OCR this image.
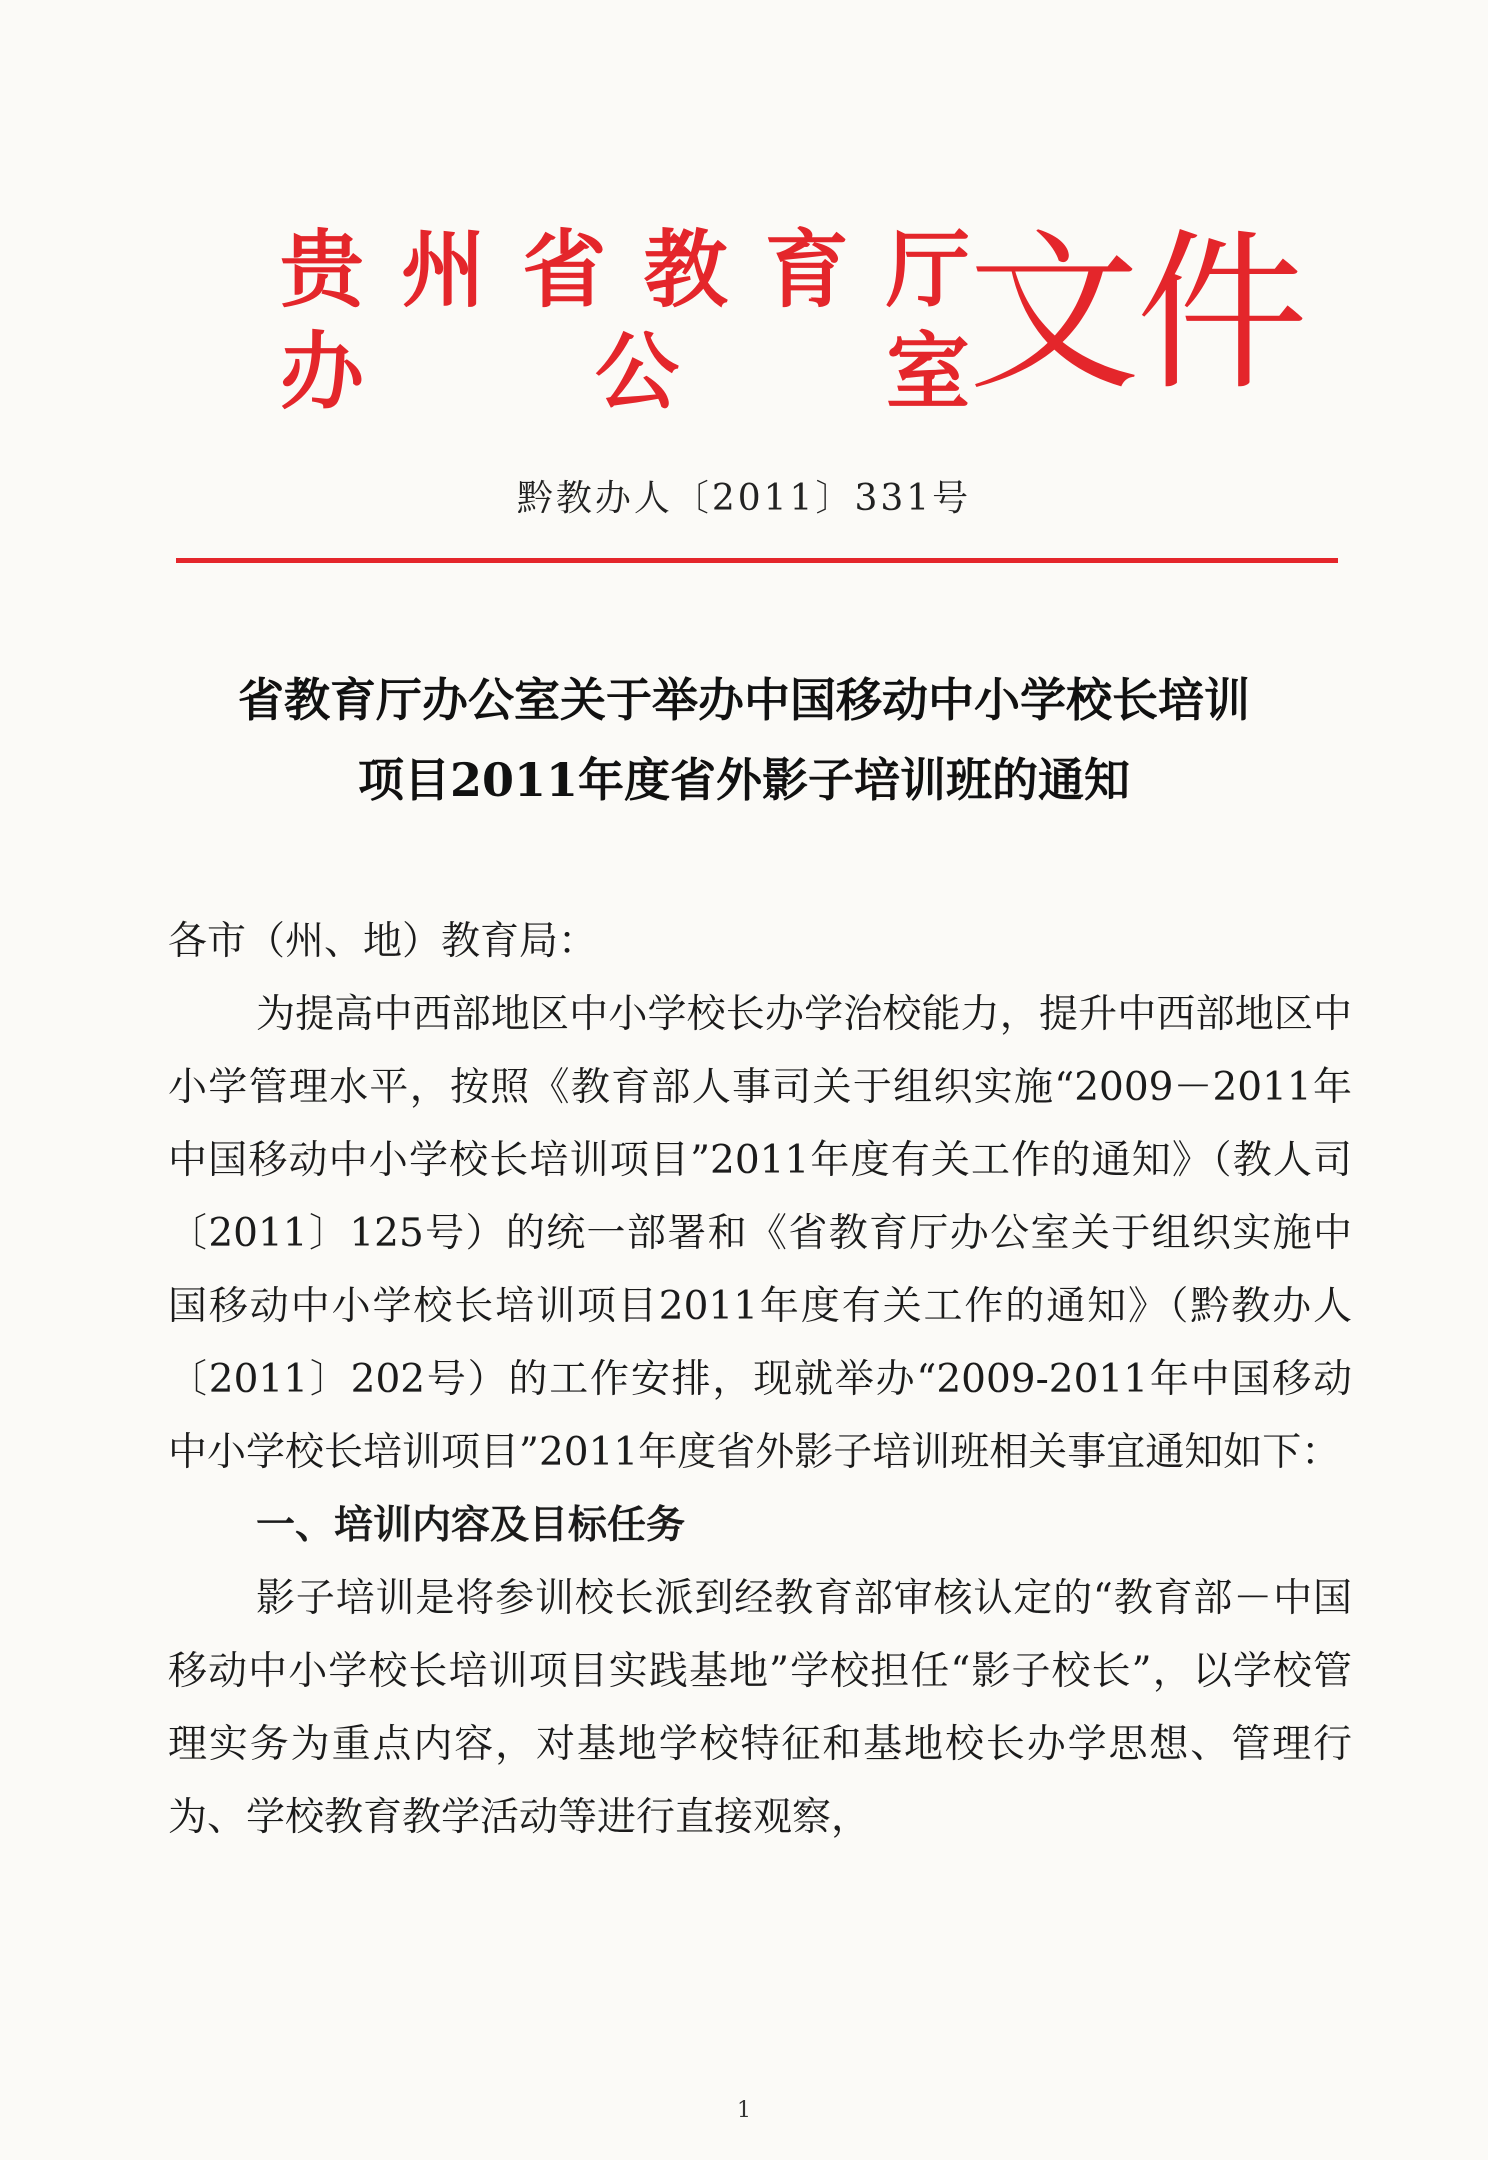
贵 州 省 教 育 厅
办	公 室
文件
黔教办人〔2011〕331号
省教育厅办公室关于举办中国移动中小学校长培训
项目2011年度省外影子培训班的通知

各市（州、地）教育局：

为提高中西部地区中小学校长办学治校能力，提升中西部地区中小学管理水平，按照《教育部人事司关于组织实施“2009－2011年中国移动中小学校长培训项目”2011年度有关工作的通知》（教人司〔2011〕125号）的统一部署和《省教育厅办公室关于组织实施中国移动中小学校长培训项目2011年度有关工作的通知》（黔教办人〔2011〕202号）的工作安排，现就举办“2009-2011年中国移动中小学校长培训项目”2011年度省外影子培训班相关事宜通知如下：

一、培训内容及目标任务

影子培训是将参训校长派到经教育部审核认定的“教育部－中国移动中小学校长培训项目实践基地”学校担任“影子校长”，以学校管理实务为重点内容，对基地学校特征和基地校长办学思想、管理行为、学校教育教学活动等进行直接观察，

1
